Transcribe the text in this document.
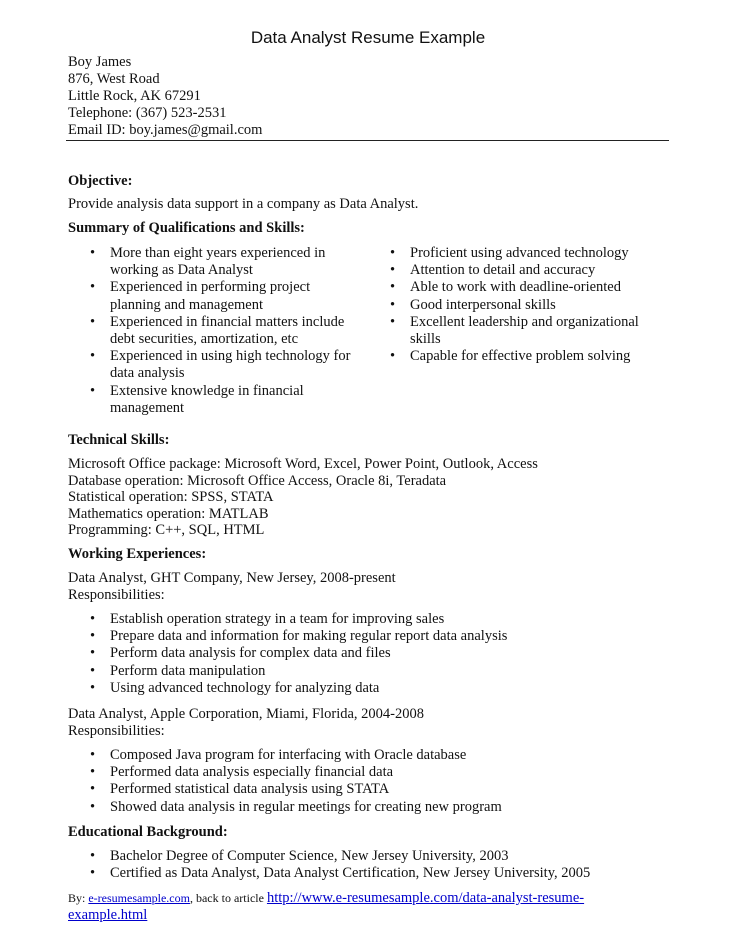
Data Analyst Resume Example
Boy James
876, West Road
Little Rock, AK 67291
Telephone: (367) 523-2531
Email ID: boy.james@gmail.com
Objective:
Provide analysis data support in a company as Data Analyst.
Summary of Qualifications and Skills:
• More than eight years experienced in working as Data Analyst
• Experienced in performing project planning and management
• Experienced in financial matters include debt securities, amortization, etc
• Experienced in using high technology for data analysis
• Extensive knowledge in financial management
• Proficient using advanced technology
• Attention to detail and accuracy
• Able to work with deadline-oriented
• Good interpersonal skills
• Excellent leadership and organizational skills
• Capable for effective problem solving
Technical Skills:
Microsoft Office package: Microsoft Word, Excel, Power Point, Outlook, Access
Database operation: Microsoft Office Access, Oracle 8i, Teradata
Statistical operation: SPSS, STATA
Mathematics operation: MATLAB
Programming: C++, SQL, HTML
Working Experiences:
Data Analyst, GHT Company, New Jersey, 2008-present
Responsibilities:
• Establish operation strategy in a team for improving sales
• Prepare data and information for making regular report data analysis
• Perform data analysis for complex data and files
• Perform data manipulation
• Using advanced technology for analyzing data
Data Analyst, Apple Corporation, Miami, Florida, 2004-2008
Responsibilities:
• Composed Java program for interfacing with Oracle database
• Performed data analysis especially financial data
• Performed statistical data analysis using STATA
• Showed data analysis in regular meetings for creating new program
Educational Background:
• Bachelor Degree of Computer Science, New Jersey University, 2003
• Certified as Data Analyst, Data Analyst Certification, New Jersey University, 2005
By: e-resumesample.com, back to article http://www.e-resumesample.com/data-analyst-resume-example.html
